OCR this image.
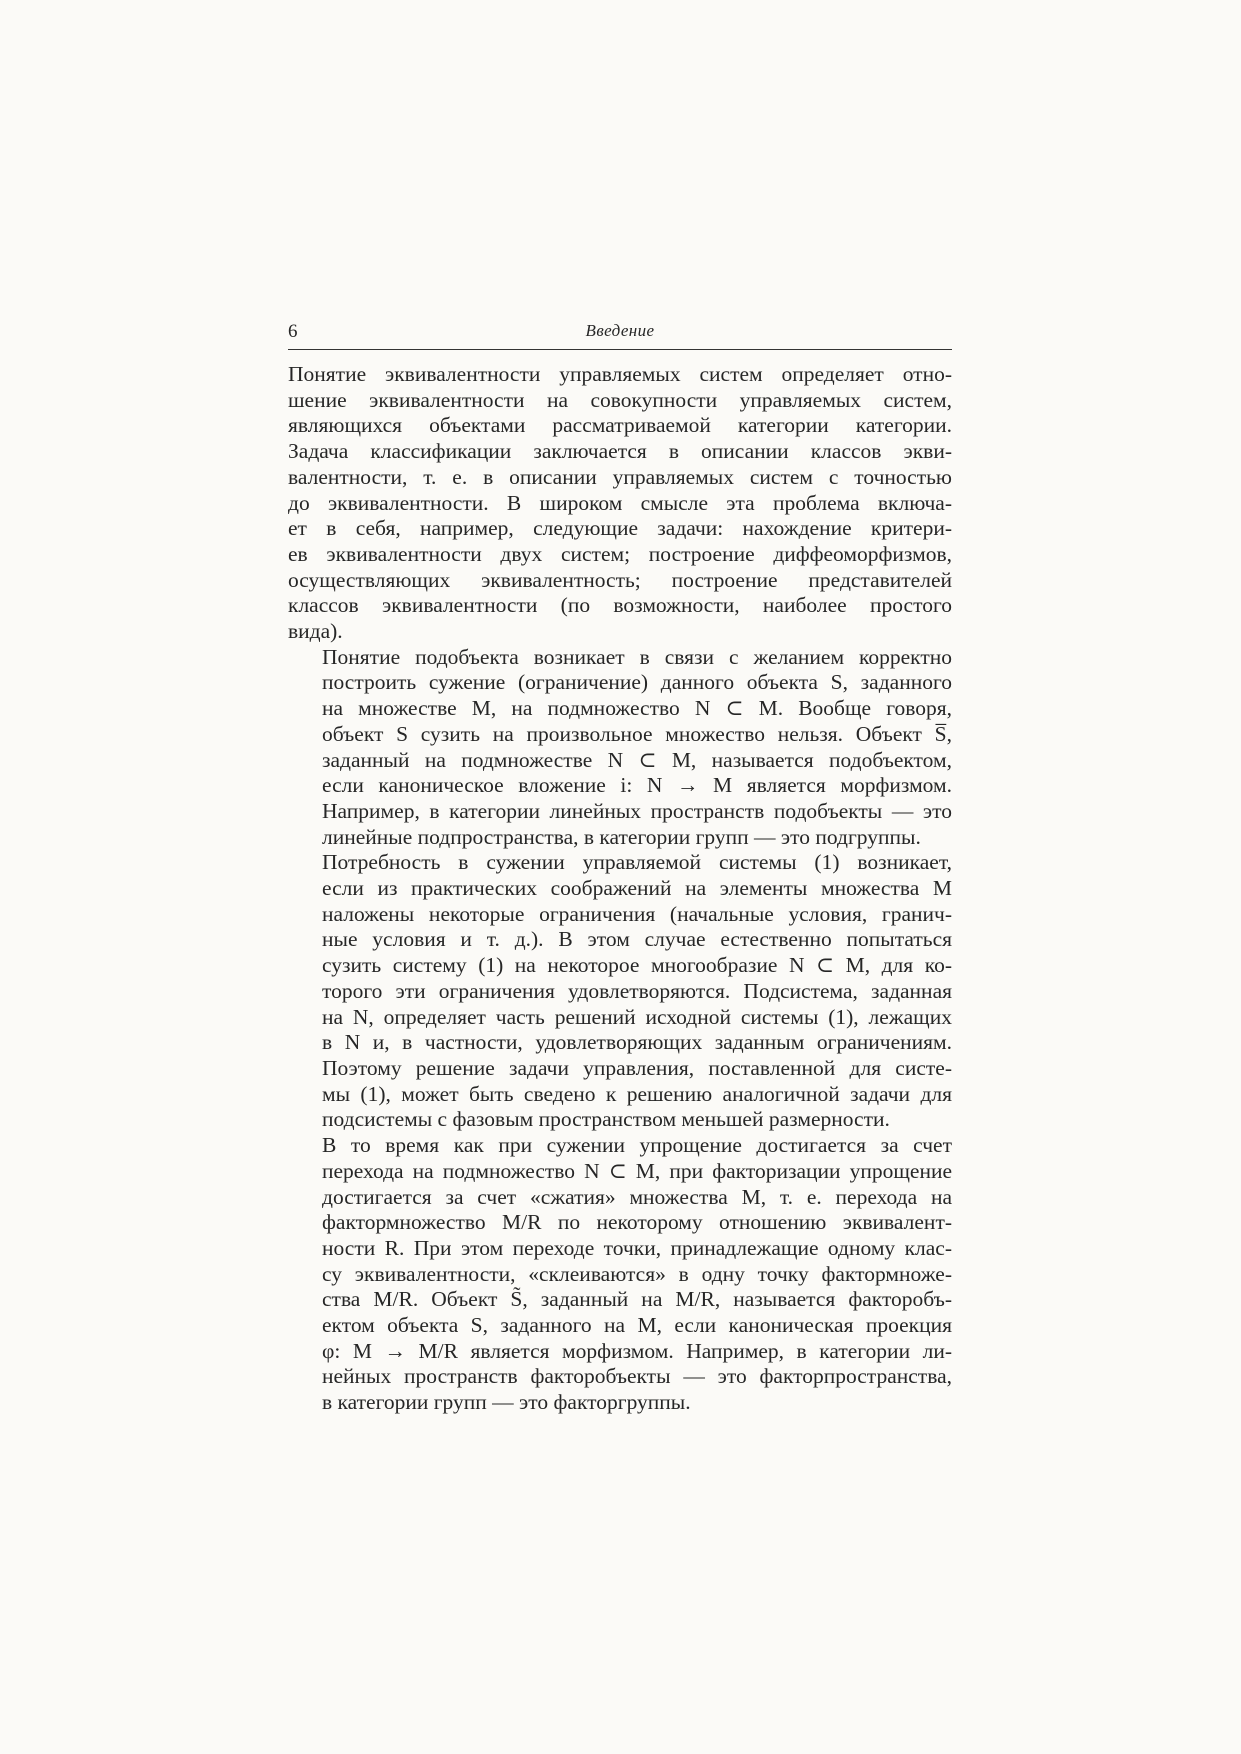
6	Введение

Понятие эквивалентности управляемых систем определяет отно-
шение эквивалентности на совокупности управляемых систем,
являющихся объектами рассматриваемой категории категории.
Задача классификации заключается в описании классов экви-
валентности, т. е. в описании управляемых систем с точностью
до эквивалентности. В широком смысле эта проблема включа-
ет в себя, например, следующие задачи: нахождение критери-
ев эквивалентности двух систем; построение диффеоморфизмов,
осуществляющих эквивалентность; построение представителей
классов эквивалентности (по возможности, наиболее простого
вида).

Понятие подобъекта возникает в связи с желанием корректно
построить сужение (ограничение) данного объекта S, заданного
на множестве M, на подмножество N ⊂ M. Вообще говоря,
объект S сузить на произвольное множество нельзя. Объект S̅,
заданный на подмножестве N ⊂ M, называется подобъектом,
если каноническое вложение i: N → M является морфизмом.
Например, в категории линейных пространств подобъекты — это
линейные подпространства, в категории групп — это подгруппы.

Потребность в сужении управляемой системы (1) возникает,
если из практических соображений на элементы множества M
наложены некоторые ограничения (начальные условия, гранич-
ные условия и т. д.). В этом случае естественно попытаться
сузить систему (1) на некоторое многообразие N ⊂ M, для ко-
торого эти ограничения удовлетворяются. Подсистема, заданная
на N, определяет часть решений исходной системы (1), лежащих
в N и, в частности, удовлетворяющих заданным ограничениям.
Поэтому решение задачи управления, поставленной для систе-
мы (1), может быть сведено к решению аналогичной задачи для
подсистемы с фазовым пространством меньшей размерности.

В то время как при сужении упрощение достигается за счет
перехода на подмножество N ⊂ M, при факторизации упрощение
достигается за счет «сжатия» множества M, т. е. перехода на
фактормножество M/R по некоторому отношению эквивалент-
ности R. При этом переходе точки, принадлежащие одному клас-
су эквивалентности, «склеиваются» в одну точку фактормноже-
ства M/R. Объект S̃, заданный на M/R, называется факторобъ-
ектом объекта S, заданного на M, если каноническая проекция
φ: M → M/R является морфизмом. Например, в категории ли-
нейных пространств факторобъекты — это факторпространства,
в категории групп — это факторгруппы.
